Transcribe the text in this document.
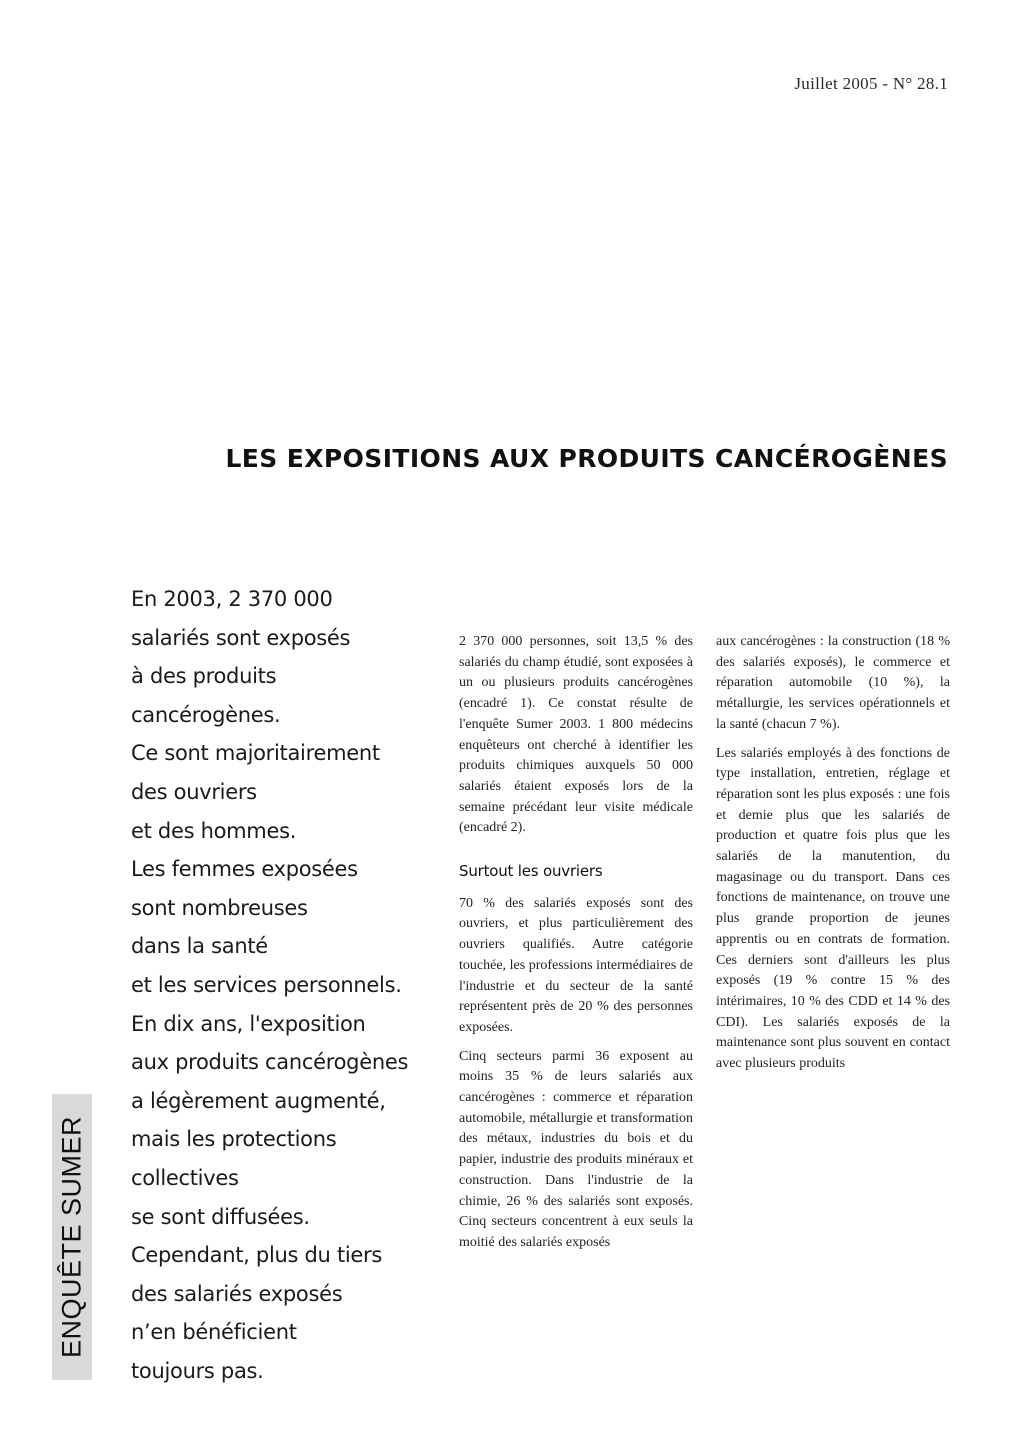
Juillet 2005 - N° 28.1
LES EXPOSITIONS AUX PRODUITS CANCÉROGÈNES
En 2003, 2 370 000
salariés sont exposés
à des produits
cancérogènes.
Ce sont majoritairement
des ouvriers
et des hommes.
Les femmes exposées
sont nombreuses
dans la santé
et les services personnels.
En dix ans, l'exposition
aux produits cancérogènes
a légèrement augmenté,
mais les protections
collectives
se sont diffusées.
Cependant, plus du tiers
des salariés exposés
n’en bénéficient
toujours pas.
ENQUÊTE SUMER

2 370 000 personnes, soit 13,5 % des salariés du champ étudié, sont exposées à un ou plusieurs produits cancérogènes (encadré 1). Ce constat résulte de l'enquête Sumer 2003. 1 800 médecins enquêteurs ont cherché à identifier les produits chimiques auxquels 50 000 salariés étaient exposés lors de la semaine précédant leur visite médicale (encadré 2).

Surtout les ouvriers

70 % des salariés exposés sont des ouvriers, et plus particulièrement des ouvriers qualifiés. Autre catégorie touchée, les professions intermédiaires de l'industrie et du secteur de la santé représentent près de 20 % des personnes exposées.

Cinq secteurs parmi 36 exposent au moins 35 % de leurs salariés aux cancérogènes : commerce et réparation automobile, métallurgie et transformation des métaux, industries du bois et du papier, industrie des produits minéraux et construction. Dans l'industrie de la chimie, 26 % des salariés sont exposés. Cinq secteurs concentrent à eux seuls la moitié des salariés exposés

aux cancérogènes : la construction (18 % des salariés exposés), le commerce et réparation automobile (10 %), la métallurgie, les services opérationnels et la santé (chacun 7 %).

Les salariés employés à des fonctions de type installation, entretien, réglage et réparation sont les plus exposés : une fois et demie plus que les salariés de production et quatre fois plus que les salariés de la manutention, du magasinage ou du transport. Dans ces fonctions de maintenance, on trouve une plus grande proportion de jeunes apprentis ou en contrats de formation. Ces derniers sont d'ailleurs les plus exposés (19 % contre 15 % des intérimaires, 10 % des CDD et 14 % des CDI). Les salariés exposés de la maintenance sont plus souvent en contact avec plusieurs produits
